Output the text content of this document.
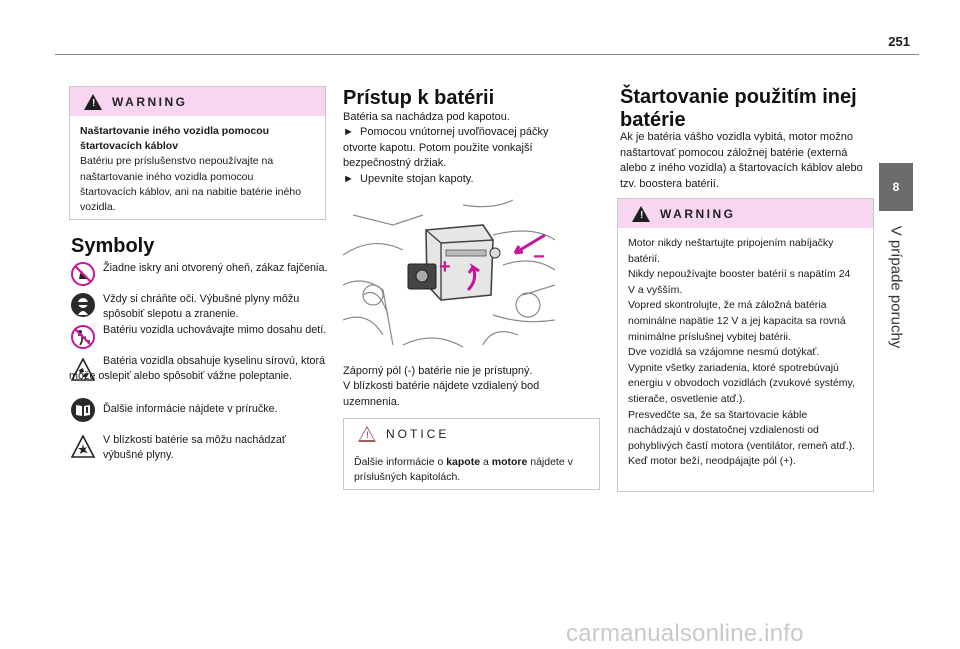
251
8
V prípade poruchy
! WARNING
Naštartovanie iného vozidla pomocou štartovacích káblov
Batériu pre príslušenstvo nepoužívajte na naštartovanie iného vozidla pomocou štartovacích káblov, ani na nabitie batérie iného vozidla.
Symboly
Žiadne iskry ani otvorený oheň, zákaz fajčenia.
Vždy si chráňte oči. Výbušné plyny môžu spôsobiť slepotu a zranenie.
Batériu vozidla uchovávajte mimo dosahu detí.
Batéria vozidla obsahuje kyselinu sírovú, ktorá môže oslepiť alebo spôsobiť vážne poleptanie.
Ďalšie informácie nájdete v príručke.
V blízkosti batérie sa môžu nachádzať výbušné plyny.
Prístup k batérii
Batéria sa nachádza pod kapotou.
► Pomocou vnútornej uvoľňovacej páčky otvorte kapotu. Potom použite vonkajší bezpečnostný držiak.
► Upevnite stojan kapoty.
+	−
Záporný pól (-) batérie nie je prístupný.
V blízkosti batérie nájdete vzdialený bod uzemnenia.
! NOTICE
Ďalšie informácie o kapote a motore nájdete v príslušných kapitolách.
Štartovanie použitím inej
batérie
Ak je batéria vášho vozidla vybitá, motor možno naštartovať pomocou záložnej batérie (externá alebo z iného vozidla) a štartovacích káblov alebo tzv. boostera batérií.
! WARNING
Motor nikdy neštartujte pripojením nabíjačky batérií.
Nikdy nepoužívajte booster batérií s napätím 24 V a vyšším.
Vopred skontrolujte, že má záložná batéria nominálne napätie 12 V a jej kapacita sa rovná minimálne príslušnej vybitej batérii.
Dve vozidlá sa vzájomne nesmú dotýkať.
Vypnite všetky zariadenia, ktoré spotrebúvajú energiu v obvodoch vozidlách (zvukové systémy, stierače, osvetlenie atď.).
Presvedčte sa, že sa štartovacie káble nachádzajú v dostatočnej vzdialenosti od pohyblivých častí motora (ventilátor, remeň atď.).
Keď motor beží, neodpájajte pól (+).
carmanualsonline.info
